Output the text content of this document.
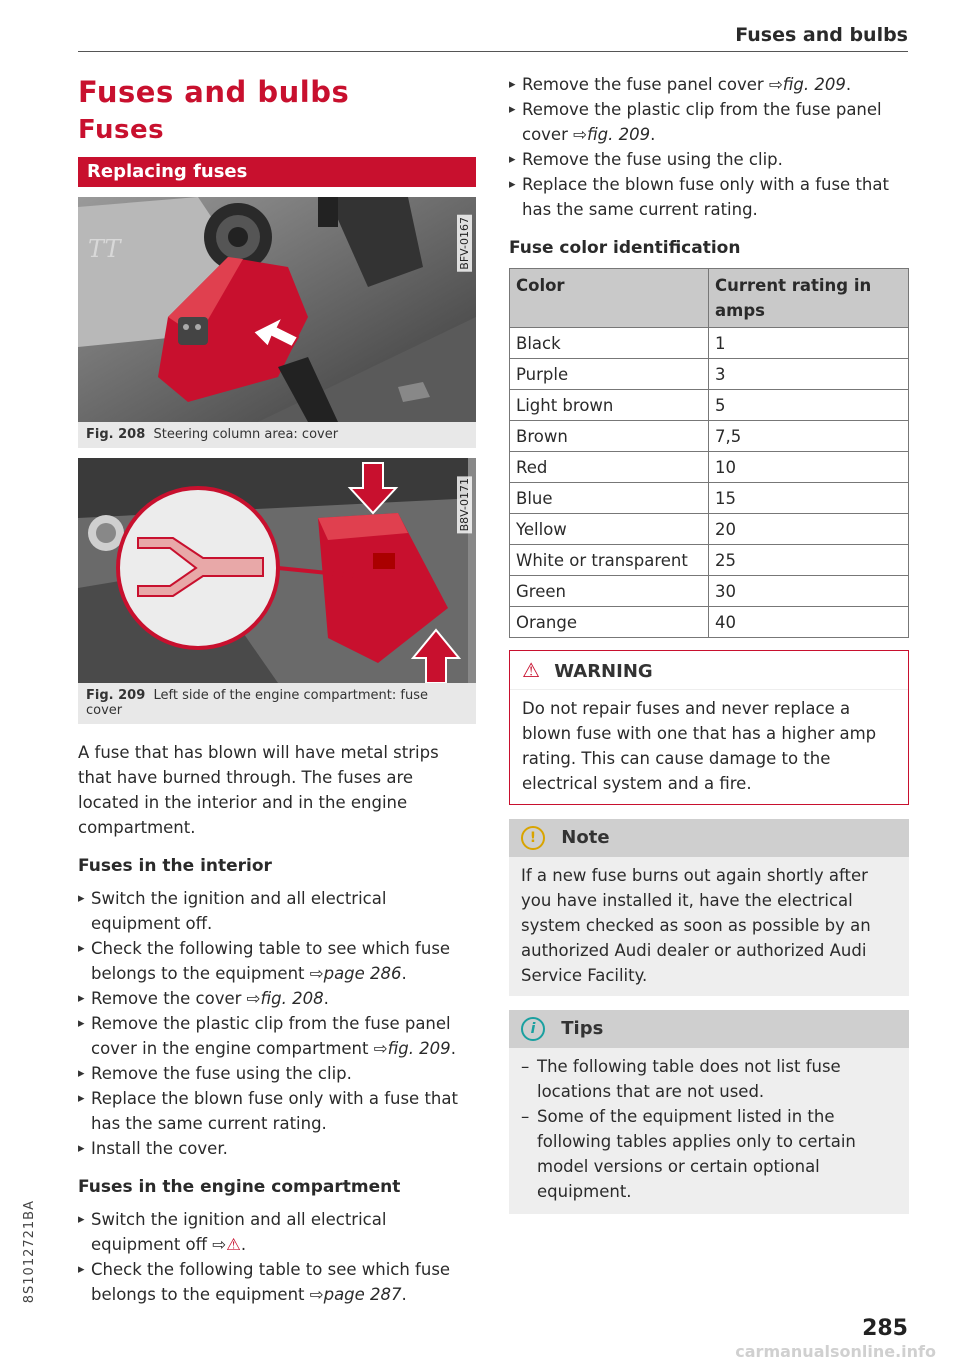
Fuses and bulbs
Fuses and bulbs
Fuses
Replacing fuses
TT	BFV-0167
Fig. 208 Steering column area: cover
B8V-0171
Fig. 209 Left side of the engine compartment: fuse cover
A fuse that has blown will have metal strips that have burned through. The fuses are located in the interior and in the engine compartment.
Fuses in the interior
▸ Switch the ignition and all electrical equipment off.
▸ Check the following table to see which fuse belongs to the equipment ⇨page 286.
▸ Remove the cover ⇨fig. 208.
▸ Remove the plastic clip from the fuse panel cover in the engine compartment ⇨fig. 209.
▸ Remove the fuse using the clip.
▸ Replace the blown fuse only with a fuse that has the same current rating.
▸ Install the cover.
Fuses in the engine compartment
▸ Switch the ignition and all electrical equipment off ⇨⚠.
▸ Check the following table to see which fuse belongs to the equipment ⇨page 287.
▸ Remove the fuse panel cover ⇨fig. 209.
▸ Remove the plastic clip from the fuse panel cover ⇨fig. 209.
▸ Remove the fuse using the clip.
▸ Replace the blown fuse only with a fuse that has the same current rating.
Fuse color identification
Color	Current rating in amps
Black	1
Purple	3
Light brown	5
Brown	7,5
Red	10
Blue	15
Yellow	20
White or transparent	25
Green	30
Orange	40
⚠ WARNING
Do not repair fuses and never replace a blown fuse with one that has a higher amp rating. This can cause damage to the electrical system and a fire.
! Note
If a new fuse burns out again shortly after you have installed it, have the electrical system checked as soon as possible by an authorized Audi dealer or authorized Audi Service Facility.
i Tips
– The following table does not list fuse locations that are not used.
– Some of the equipment listed in the following tables applies only to certain model versions or certain optional equipment.
8S1012721BA
285
carmanualsonline.info
